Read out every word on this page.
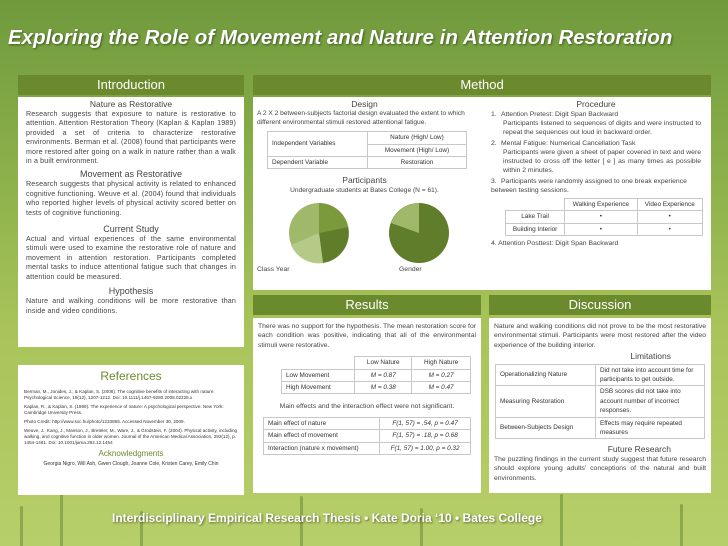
Exploring the Role of Movement and Nature in Attention Restoration
Introduction
Nature as Restorative
Research suggests that exposure to nature is restorative to attention. Attention Restoration Theory (Kaplan & Kaplan 1989) provided a set of criteria to characterize restorative environments. Berman et al. (2008) found that participants were more restored after going on a walk in nature rather than a walk in a built environment.
Movement as Restorative
Research suggests that physical activity is related to enhanced cognitive functioning. Weuve et al. (2004) found that individuals who reported higher levels of physical activity scored better on tests of cognitive functioning.
Current Study
Actual and virtual experiences of the same environmental stimuli were used to examine the restorative role of nature and movement in attention restoration. Participants completed mental tasks to induce attentional fatigue such that changes in attention could be measured.
Hypothesis
Nature and walking conditions will be more restorative than inside and video conditions.
References
Berman, M., Jonides, J., & Kaplan, S. (2008). The cognitive benefits of interacting with nature. Psychological Science, 19(12), 1207-1212. Doi: 10.1111/j.1467-9280.2008.02225.x
Kaplan, R., & Kaplan, S. (1989). The experience of nature: A psychological perspective. New York: Cambridge University Press.
Photo Credit: http://www.sxc.hu/photo/1233865. Accessed November 30, 2009.
Weuve, J., Kang, J., Manson, J., Breteler, M., Ware, J., & Grodstein, F. (2004). Physical activity, including walking, and cognitive function in older women. Journal of the American Medical Association, 292(12), p. 1454-1461. Doi: 10.1001/jama.292.12.1454
Acknowledgments
Georgia Nigro, Will Ash, Gwen Clough, Joanne Cole, Kristen Carey, Emily Chin
Method
Design
A 2 X 2 between-subjects factorial design evaluated the extent to which different environmental stimuli restored attentional fatigue.
Independent Variables	Nature (High/ Low)
	Movement (High/ Low)
Dependent Variable	Restoration
Participants
Undergraduate students at Bates College (N = 61).
Class Year	Gender
Procedure
1. Attention Pretest: Digit Span Backward
Participants listened to sequences of digits and were instructed to repeat the sequences out loud in backward order.
2. Mental Fatigue: Numerical Cancellation Task
Participants were given a sheet of paper covered in text and were instructed to cross off the letter [ e ] as many times as possible within 2 minutes.
3. Participants were randomly assigned to one break experience between testing sessions.
	Walking Experience	Video Experience
Lake Trail	•	•
Building Interior	•	•
4. Attention Posttest: Digit Span Backward
Results
There was no support for the hypothesis. The mean restoration score for each condition was positive, indicating that all of the environmental stimuli were restorative.
	Low Nature	High Nature
Low Movement	M = 0.87	M = 0.27
High Movement	M = 0.38	M = 0.47
Main effects and the interaction effect were not significant.
Main effect of nature	F(1, 57) = .54, p = 0.47
Main effect of movement	F(1, 57) = .18, p = 0.68
Interaction (nature x movement)	F(1, 57) = 1.00, p = 0.32
Discussion
Nature and walking conditions did not prove to be the most restorative environmental stimuli. Participants were most restored after the video experience of the building interior.
Limitations
Operationalizing Nature	Did not take into account time for participants to get outside.
Measuring Restoration	DSB scores did not take into account number of incorrect responses.
Between-Subjects Design	Effects may require repeated measures
Future Research
The puzzling findings in the current study suggest that future research should explore young adults’ conceptions of the natural and built environments.
Interdisciplinary Empirical Research Thesis • Kate Doria ‘10 • Bates College
